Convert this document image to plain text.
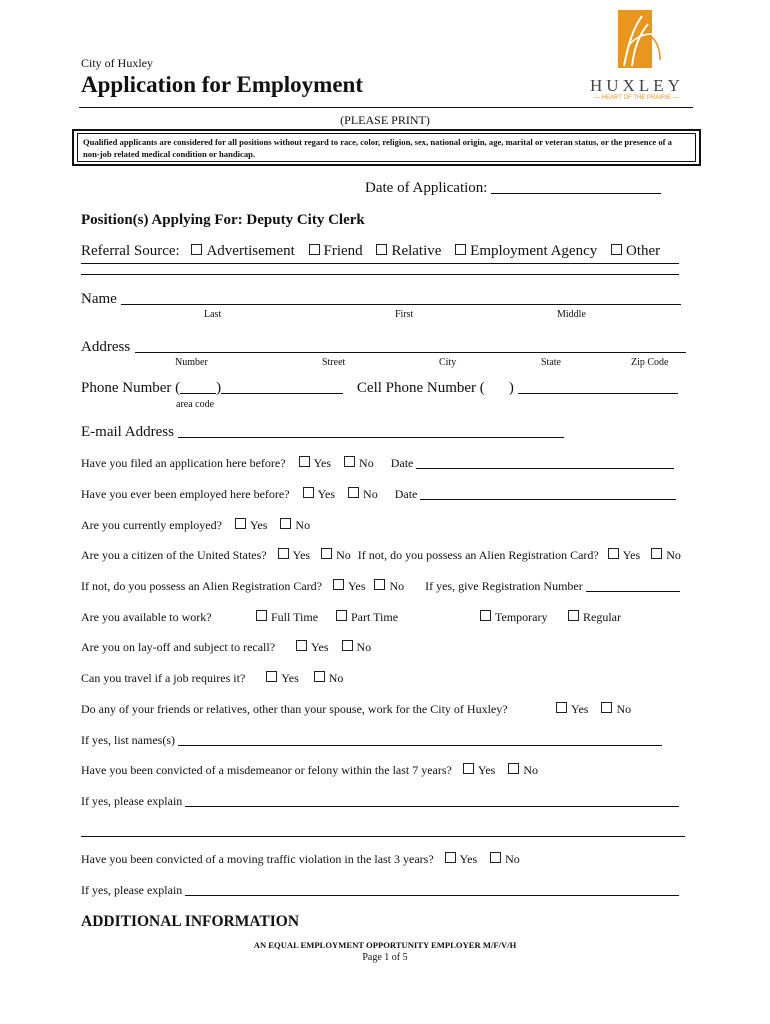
City of Huxley
Application for Employment	HUXLEY
— HEART OF THE PRAIRIE —
(PLEASE PRINT)
Qualified applicants are considered for all positions without regard to race, color, religion, sex, national origin, age, marital or veteran status, or the presence of a non-job related medical condition or handicap.
Date of Application:
Position(s) Applying For: Deputy City Clerk
Referral Source: Advertisement Friend Relative Employment Agency Other
Name
Last	First	Middle
Address
Number	Street	City	State	Zip Code
Phone Number ( )	Cell Phone Number ( )
area code
E-mail Address
Have you filed an application here before? Yes No Date
Have you ever been employed here before? Yes No Date
Are you currently employed? Yes No
Are you a citizen of the United States? Yes No If not, do you possess an Alien Registration Card? Yes No
If not, do you possess an Alien Registration Card? Yes No If yes, give Registration Number
Are you available to work?	Full Time	Part Time	Temporary	Regular
Are you on lay-off and subject to recall?	Yes No
Can you travel if a job requires it?	Yes	No
Do any of your friends or relatives, other than your spouse, work for the City of Huxley?	Yes No
If yes, list names(s)
Have you been convicted of a misdemeanor or felony within the last 7 years? Yes No
If yes, please explain
Have you been convicted of a moving traffic violation in the last 3 years? Yes No
If yes, please explain
ADDITIONAL INFORMATION
AN EQUAL EMPLOYMENT OPPORTUNITY EMPLOYER M/F/V/H
Page 1 of 5
